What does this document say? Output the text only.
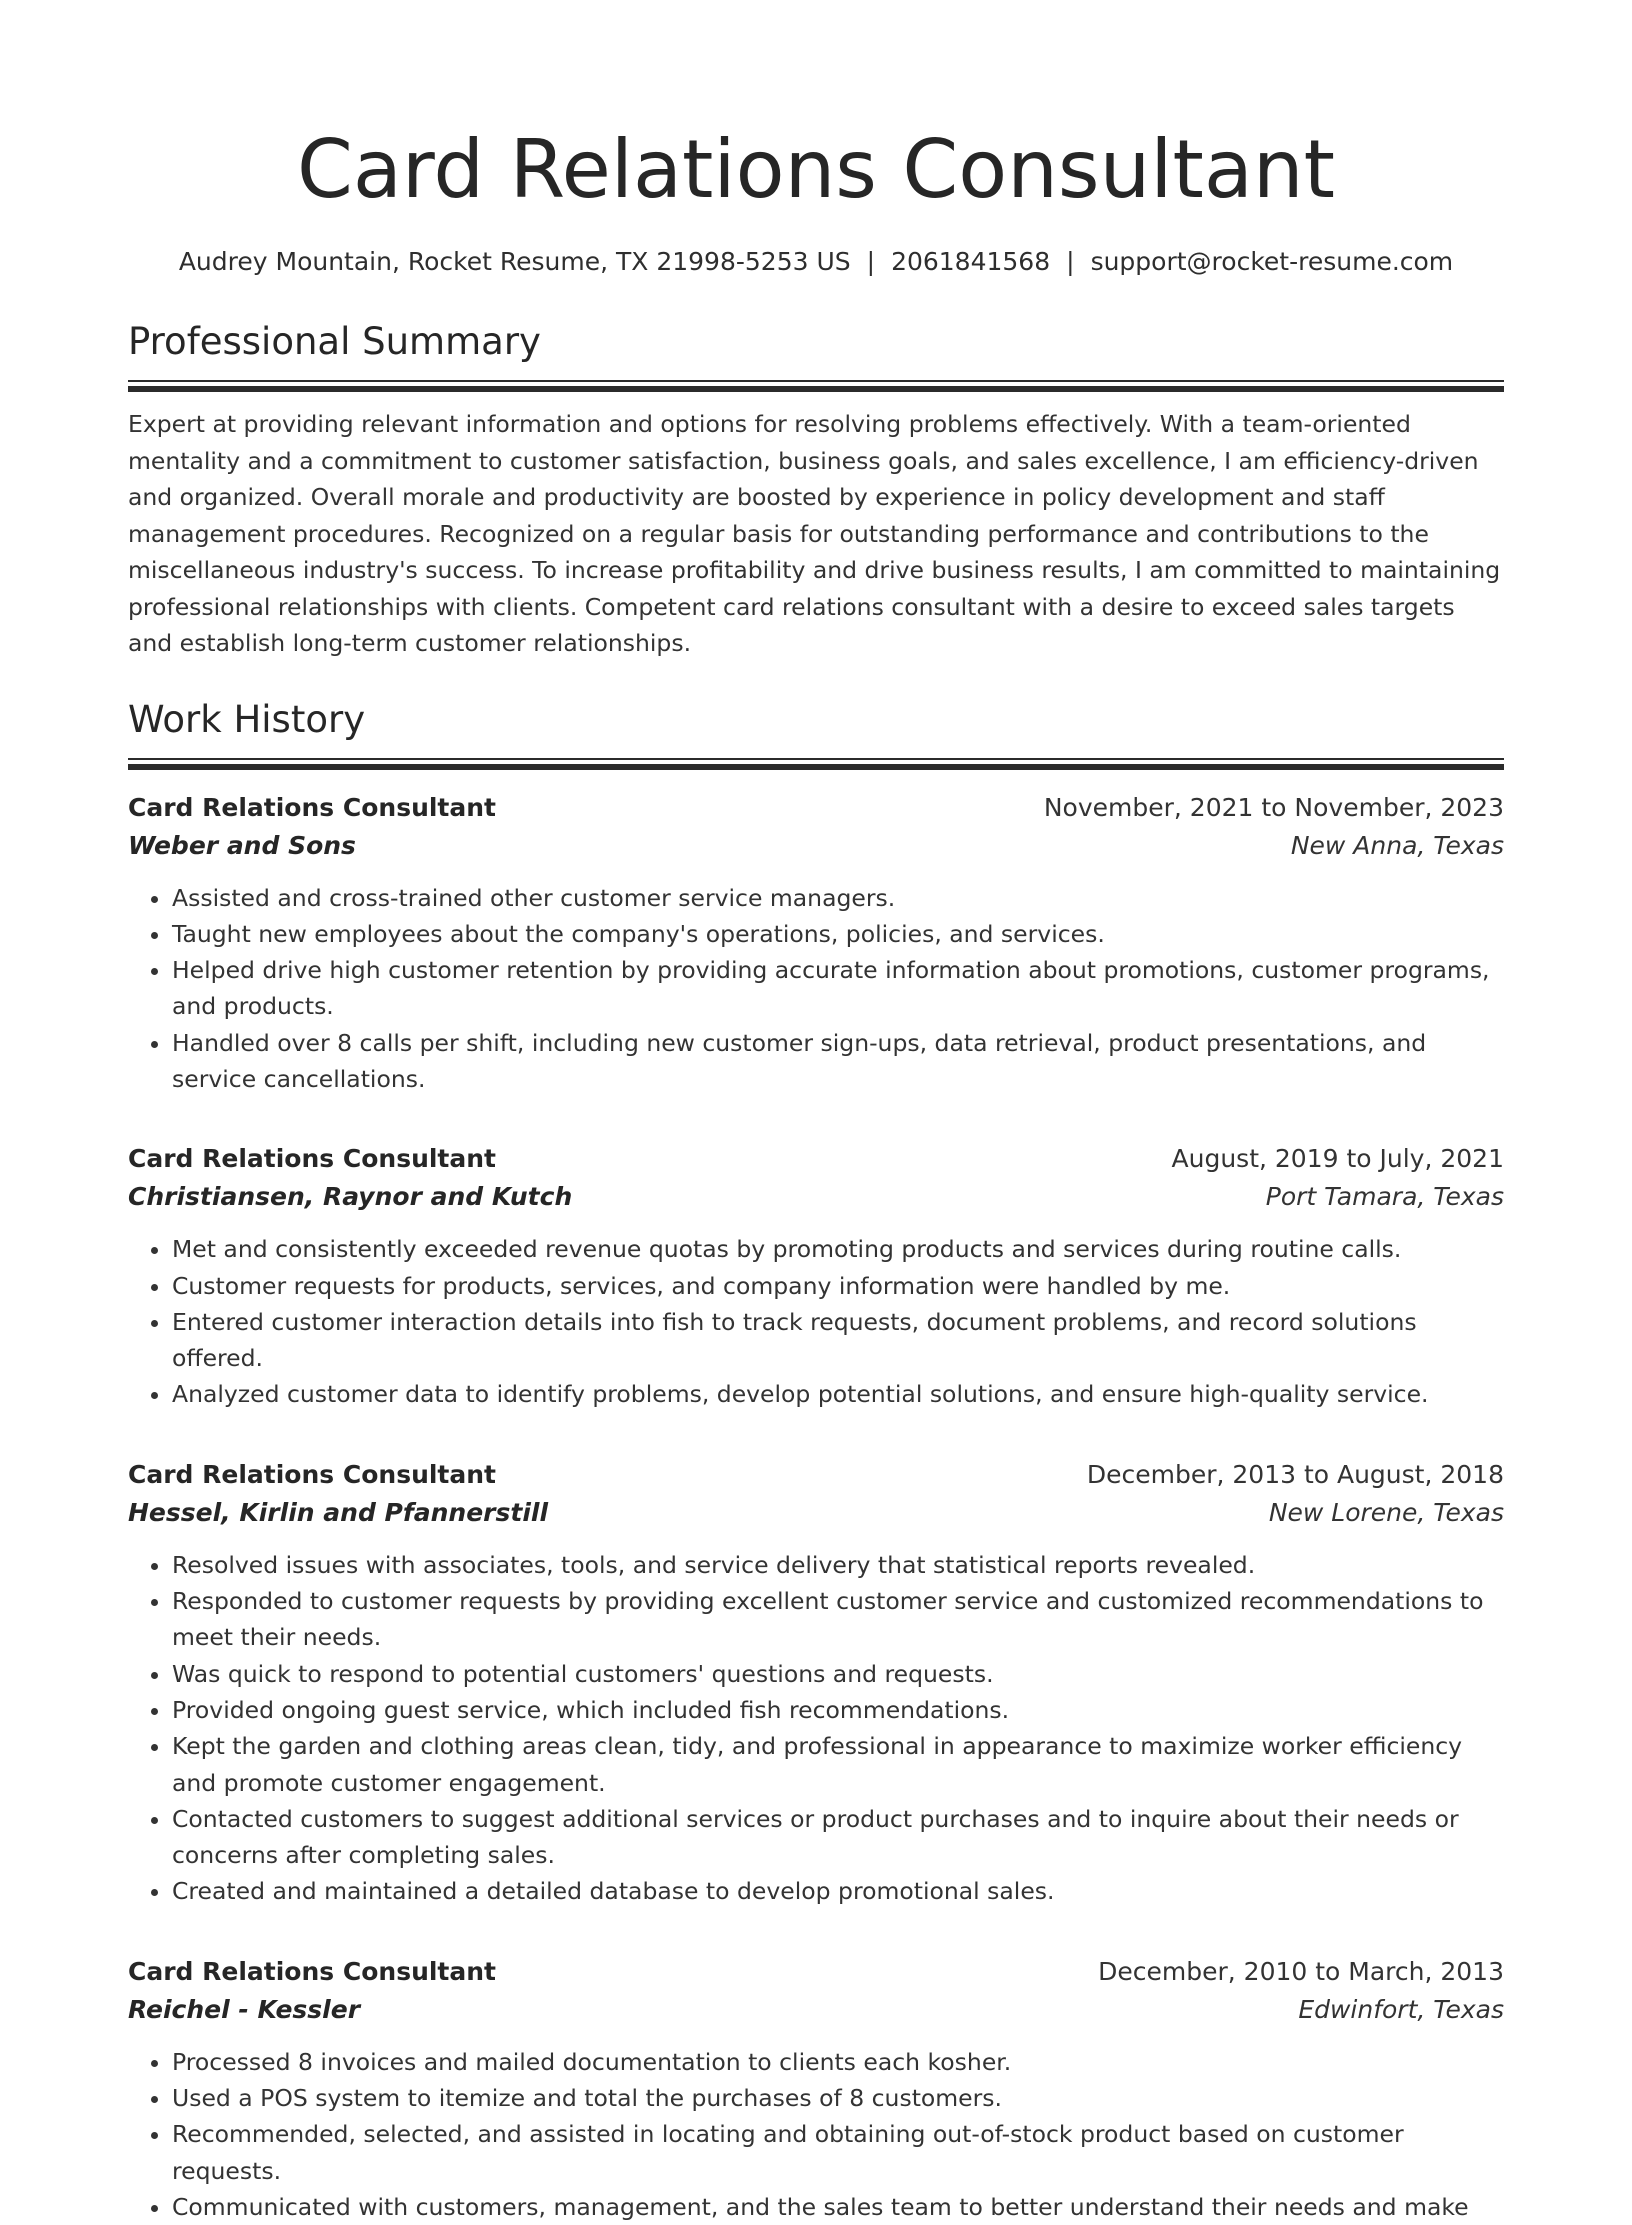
Card Relations Consultant
Audrey Mountain, Rocket Resume, TX 21998-5253 US | 2061841568 | support@rocket-resume.com
Professional Summary

Expert at providing relevant information and options for resolving problems effectively. With a team-oriented mentality and a commitment to customer satisfaction, business goals, and sales excellence, I am efficiency-driven and organized. Overall morale and productivity are boosted by experience in policy development and staff management procedures. Recognized on a regular basis for outstanding performance and contributions to the miscellaneous industry's success. To increase profitability and drive business results, I am committed to maintaining professional relationships with clients. Competent card relations consultant with a desire to exceed sales targets and establish long-term customer relationships.

Work History
Card Relations Consultant	November, 2021 to November, 2023
Weber and Sons	New Anna, Texas
• Assisted and cross-trained other customer service managers.
• Taught new employees about the company's operations, policies, and services.
• Helped drive high customer retention by providing accurate information about promotions, customer programs, and products.
• Handled over 8 calls per shift, including new customer sign-ups, data retrieval, product presentations, and service cancellations.
Card Relations Consultant	August, 2019 to July, 2021
Christiansen, Raynor and Kutch	Port Tamara, Texas
• Met and consistently exceeded revenue quotas by promoting products and services during routine calls.
• Customer requests for products, services, and company information were handled by me.
• Entered customer interaction details into fish to track requests, document problems, and record solutions offered.
• Analyzed customer data to identify problems, develop potential solutions, and ensure high-quality service.
Card Relations Consultant	December, 2013 to August, 2018
Hessel, Kirlin and Pfannerstill	New Lorene, Texas
• Resolved issues with associates, tools, and service delivery that statistical reports revealed.
• Responded to customer requests by providing excellent customer service and customized recommendations to meet their needs.
• Was quick to respond to potential customers' questions and requests.
• Provided ongoing guest service, which included fish recommendations.
• Kept the garden and clothing areas clean, tidy, and professional in appearance to maximize worker efficiency and promote customer engagement.
• Contacted customers to suggest additional services or product purchases and to inquire about their needs or concerns after completing sales.
• Created and maintained a detailed database to develop promotional sales.
Card Relations Consultant	December, 2010 to March, 2013
Reichel - Kessler	Edwinfort, Texas
• Processed 8 invoices and mailed documentation to clients each kosher.
• Used a POS system to itemize and total the purchases of 8 customers.
• Recommended, selected, and assisted in locating and obtaining out-of-stock product based on customer requests.
• Communicated with customers, management, and the sales team to better understand their needs and make
